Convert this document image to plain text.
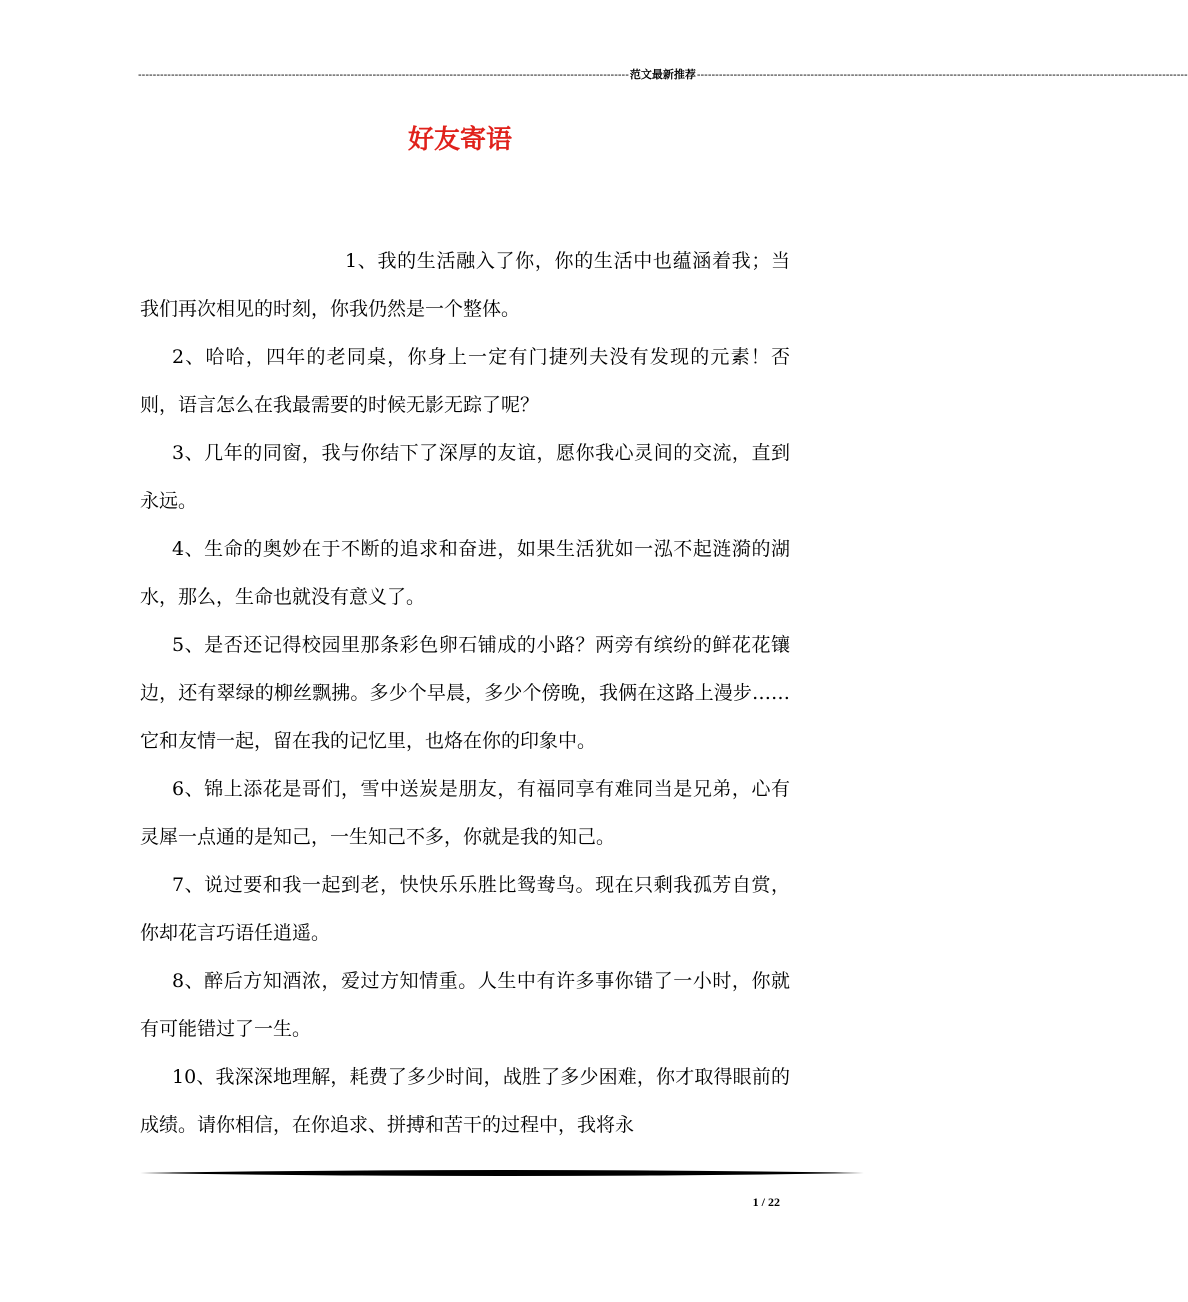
-------------------------------------------------------------------------------------------------------------------------------------- 范文最新推荐 --------------------------------------------------------------------------------------------------------------------------------------
好友寄语

1、我的生活融入了你，你的生活中也蕴涵着我；当我们再次相见的时刻，你我仍然是一个整体。

2、哈哈，四年的老同桌，你身上一定有门捷列夫没有发现的元素！否则，语言怎么在我最需要的时候无影无踪了呢？

3、几年的同窗，我与你结下了深厚的友谊，愿你我心灵间的交流，直到永远。

4、生命的奥妙在于不断的追求和奋进，如果生活犹如一泓不起涟漪的湖水，那么，生命也就没有意义了。

5、是否还记得校园里那条彩色卵石铺成的小路？两旁有缤纷的鲜花花镶边，还有翠绿的柳丝飘拂。多少个早晨，多少个傍晚，我俩在这路上漫步……它和友情一起，留在我的记忆里，也烙在你的印象中。

6、锦上添花是哥们，雪中送炭是朋友，有福同享有难同当是兄弟，心有灵犀一点通的是知己，一生知己不多，你就是我的知己。

7、说过要和我一起到老，快快乐乐胜比鸳鸯鸟。现在只剩我孤芳自赏，你却花言巧语任逍遥。

8、醉后方知酒浓，爱过方知情重。人生中有许多事你错了一小时，你就有可能错过了一生。

10、我深深地理解，耗费了多少时间，战胜了多少困难，你才取得眼前的成绩。请你相信，在你追求、拼搏和苦干的过程中，我将永

1 / 22
